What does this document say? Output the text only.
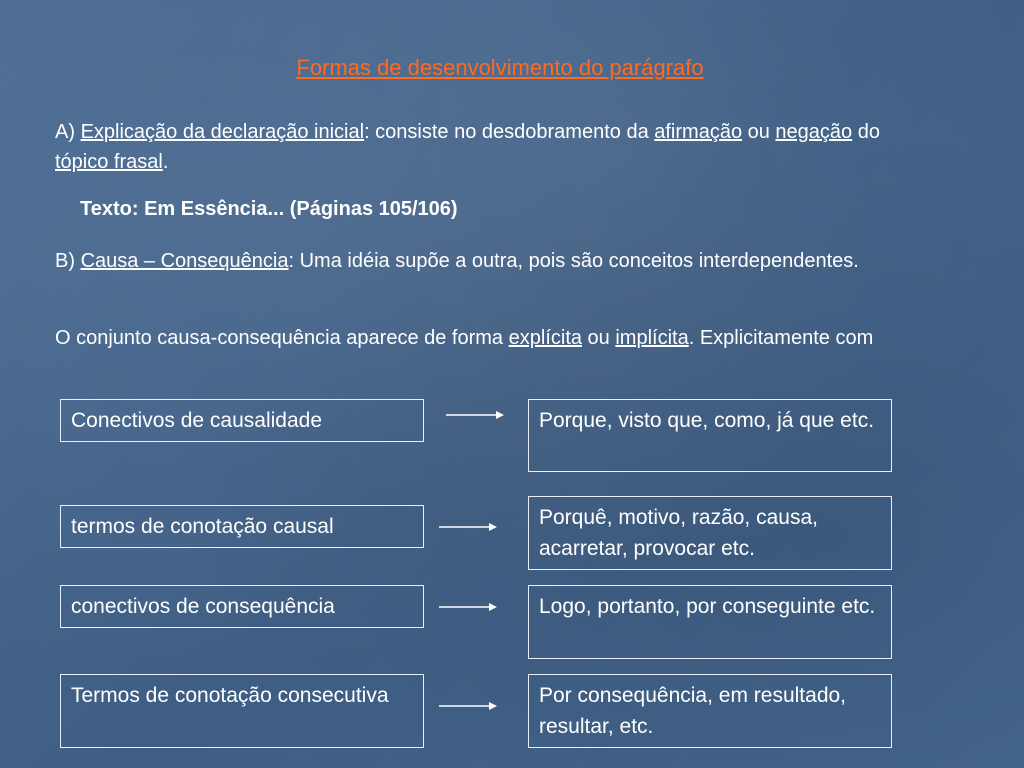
Formas de desenvolvimento do parágrafo
A) Explicação da declaração inicial: consiste no desdobramento da afirmação ou negação do tópico frasal.
Texto: Em Essência... (Páginas 105/106)
B) Causa – Consequência: Uma idéia supõe a outra, pois são conceitos interdependentes.
O conjunto causa-consequência aparece de forma explícita ou implícita. Explicitamente com
Conectivos de causalidade	Porque, visto que, como, já que etc.
termos de conotação causal	Porquê, motivo, razão, causa, acarretar, provocar etc.
conectivos de consequência	Logo, portanto, por conseguinte etc.
Termos de conotação consecutiva	Por consequência, em resultado, resultar, etc.
